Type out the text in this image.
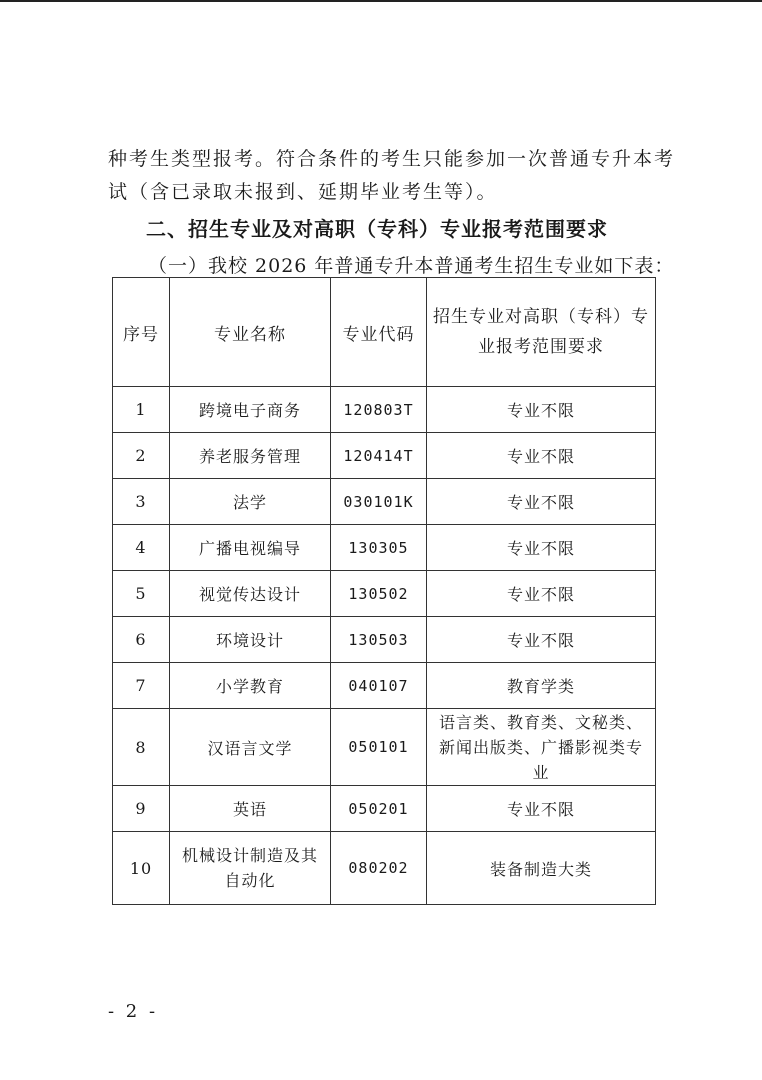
种考生类型报考。符合条件的考生只能参加一次普通专升本考
试（含已录取未报到、延期毕业考生等）。
二、招生专业及对高职（专科）专业报考范围要求
（一）我校 2026 年普通专升本普通考生招生专业如下表：
序号	专业名称	专业代码	招生专业对高职（专科）专业报考范围要求
1	跨境电子商务	120803T	专业不限
2	养老服务管理	120414T	专业不限
3	法学	030101K	专业不限
4	广播电视编导	130305	专业不限
5	视觉传达设计	130502	专业不限
6	环境设计	130503	专业不限
7	小学教育	040107	教育学类
8	汉语言文学	050101	语言类、教育类、文秘类、新闻出版类、广播影视类专业
9	英语	050201	专业不限
10	机械设计制造及其自动化	080202	装备制造大类
- 2 -
